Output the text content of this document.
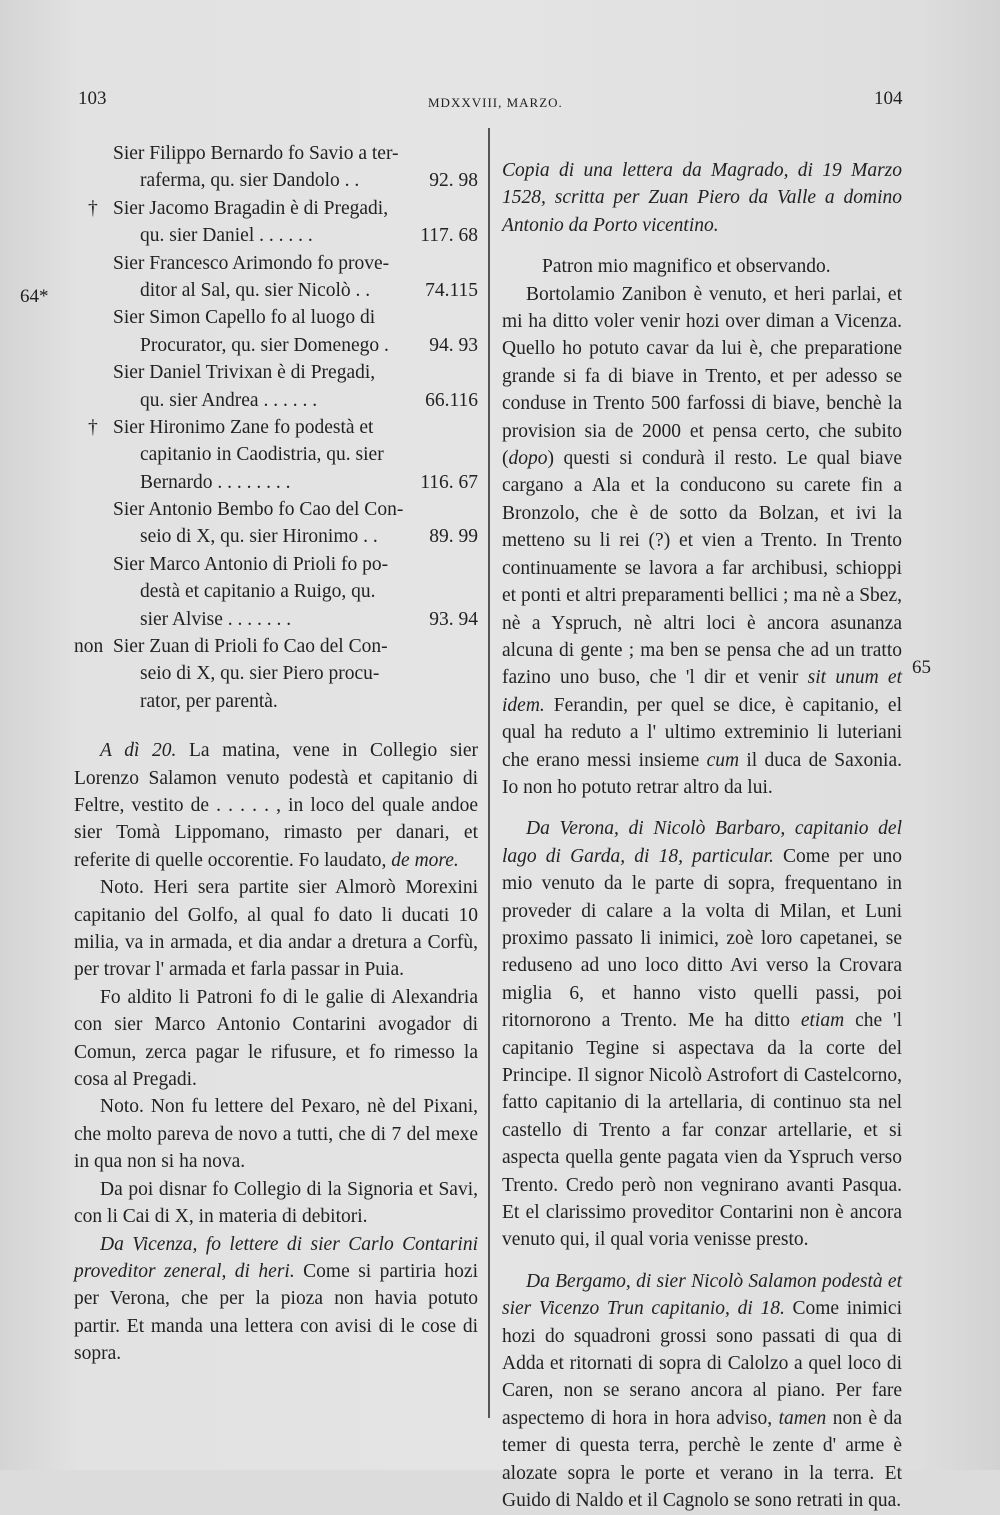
103	MDXXVIII, MARZO.	104
64*
65
Sier Filippo Bernardo fo Savio a ter-
raferma, qu. sier Dandolo . .	92. 98
† Sier Jacomo Bragadin è di Pregadi,
qu. sier Daniel . . . . . .	117. 68
Sier Francesco Arimondo fo prove-
ditor al Sal, qu. sier Nicolò . .	74.115
Sier Simon Capello fo al luogo di
Procurator, qu. sier Domenego . 94. 93
Sier Daniel Trivixan è di Pregadi,
qu. sier Andrea . . . . . .	66.116
† Sier Hironimo Zane fo podestà et
capitanio in Caodistria, qu. sier
Bernardo . . . . . . . .	116. 67
Sier Antonio Bembo fo Cao del Con-
seio di X, qu. sier Hironimo . .	89. 99
Sier Marco Antonio di Prioli fo po-
destà et capitanio a Ruigo, qu.
sier Alvise . . . . . . .	93. 94
non Sier Zuan di Prioli fo Cao del Con-
seio di X, qu. sier Piero procu-
rator, per parentà.

A dì 20. La matina, vene in Collegio sier Lorenzo Salamon venuto podestà et capitanio di Feltre, vestito de . . . . . , in loco del quale andoe sier Tomà Lippomano, rimasto per danari, et referite di quelle occorentie. Fo laudato, de more.

Noto. Heri sera partite sier Almorò Morexini capitanio del Golfo, al qual fo dato li ducati 10 milia, va in armada, et dia andar a dretura a Corfù, per trovar l' armada et farla passar in Puia.

Fo aldito li Patroni fo di le galie di Alexandria con sier Marco Antonio Contarini avogador di Comun, zerca pagar le rifusure, et fo rimesso la cosa al Pregadi.

Noto. Non fu lettere del Pexaro, nè del Pixani, che molto pareva de novo a tutti, che di 7 del mexe in qua non si ha nova.

Da poi disnar fo Collegio di la Signoria et Savi, con li Cai di X, in materia di debitori.

Da Vicenza, fo lettere di sier Carlo Contarini proveditor zeneral, di heri. Come si partiria hozi per Verona, che per la pioza non havia potuto partir. Et manda una lettera con avisi di le cose di sopra.

Copia di una lettera da Magrado, di 19 Marzo 1528, scritta per Zuan Piero da Valle a domino Antonio da Porto vicentino.

Patron mio magnifico et observando.

Bortolamio Zanibon è venuto, et heri parlai, et mi ha ditto voler venir hozi over diman a Vicenza. Quello ho potuto cavar da lui è, che preparatione grande si fa di biave in Trento, et per adesso se conduse in Trento 500 farfossi di biave, benchè la provision sia de 2000 et pensa certo, che subito (dopo) questi si condurà il resto. Le qual biave cargano a Ala et la conducono su carete fin a Bronzolo, che è de sotto da Bolzan, et ivi la metteno su li rei (?) et vien a Trento. In Trento continuamente se lavora a far archibusi, schioppi et ponti et altri preparamenti bellici ; ma nè a Sbez, nè a Yspruch, nè altri loci è ancora asunanza alcuna di gente ; ma ben se pensa che ad un tratto fazino uno buso, che 'l dir et venir sit unum et idem. Ferandin, per quel se dice, è capitanio, el qual ha reduto a l' ultimo extreminio li luteriani che erano messi insieme cum il duca de Saxonia. Io non ho potuto retrar altro da lui.

Da Verona, di Nicolò Barbaro, capitanio del lago di Garda, di 18, particular. Come per uno mio venuto da le parte di sopra, frequentano in proveder di calare a la volta di Milan, et Luni proximo passato li inimici, zoè loro capetanei, se reduseno ad uno loco ditto Avi verso la Crovara miglia 6, et hanno visto quelli passi, poi ritornorono a Trento. Me ha ditto etiam che 'l capitanio Tegine si aspectava da la corte del Principe. Il signor Nicolò Astrofort di Castelcorno, fatto capitanio di la artellaria, di continuo sta nel castello di Trento a far conzar artellarie, et si aspecta quella gente pagata vien da Yspruch verso Trento. Credo però non vegnirano avanti Pasqua. Et el clarissimo proveditor Contarini non è ancora venuto qui, il qual voria venisse presto.

Da Bergamo, di sier Nicolò Salamon podestà et sier Vicenzo Trun capitanio, di 18. Come inimici hozi do squadroni grossi sono passati di qua di Adda et ritornati di sopra di Calolzo a quel loco di Caren, non se serano ancora al piano. Per fare aspectemo di hora in hora adviso, tamen non è da temer di questa terra, perchè le zente d' arme è alozate sopra le porte et verano in la terra. Et Guido di Naldo et il Cagnolo se sono retrati in qua.
